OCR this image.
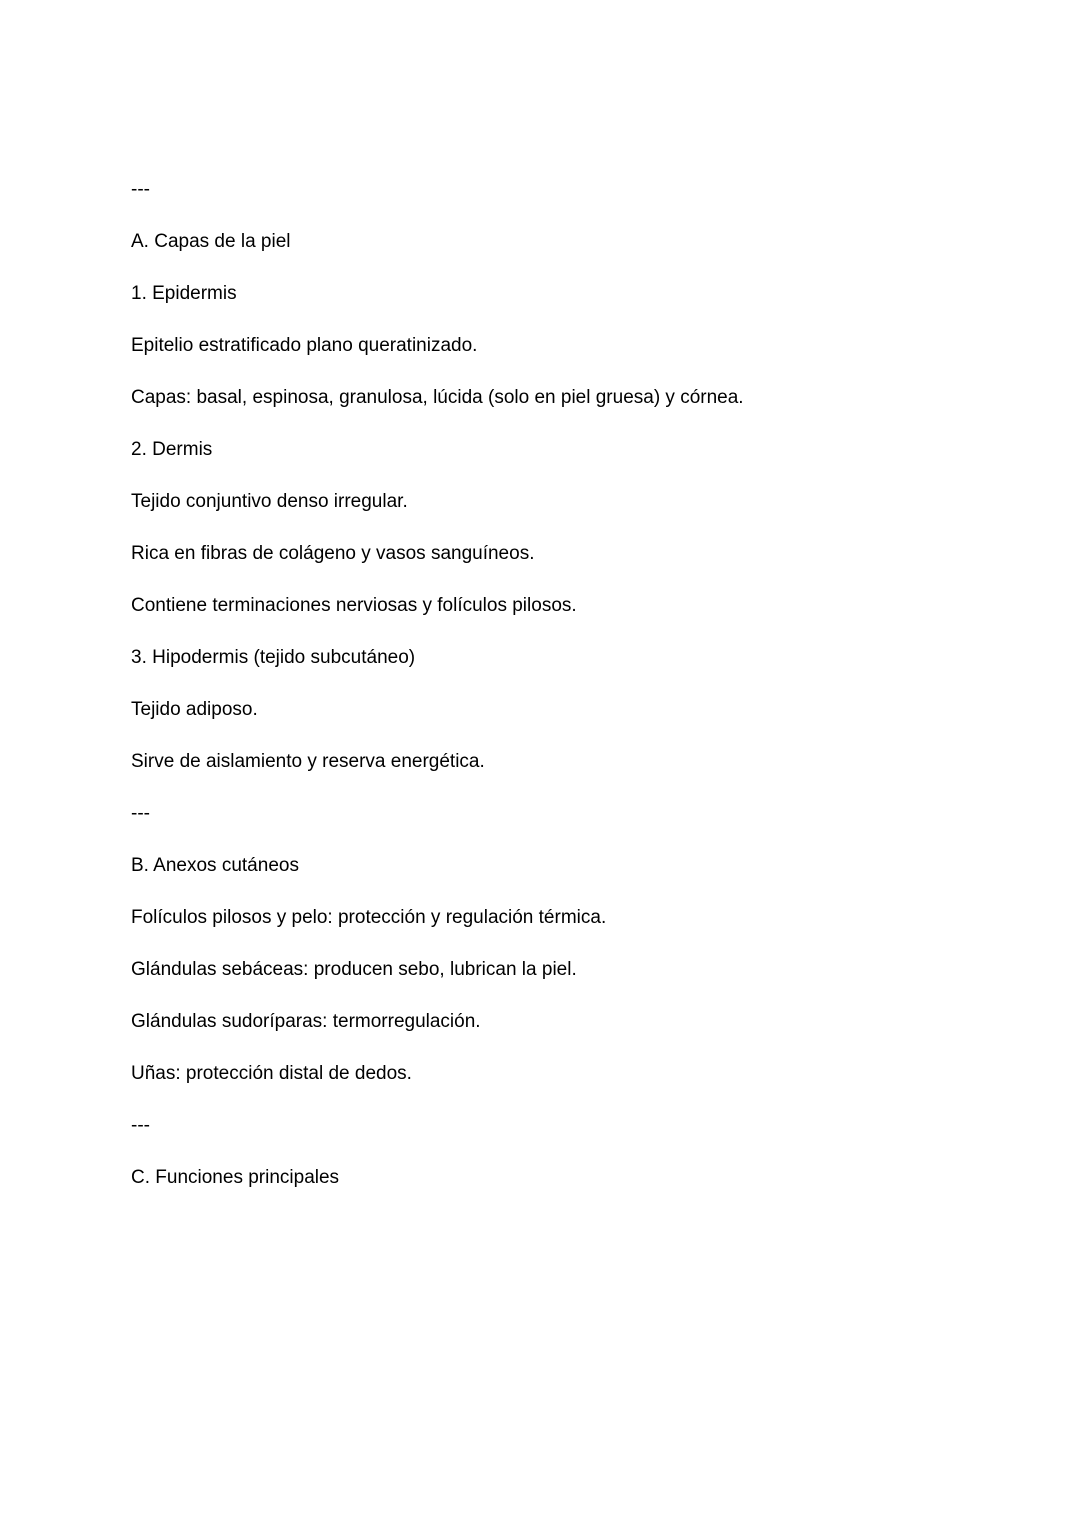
---

A. Capas de la piel

1. Epidermis

Epitelio estratificado plano queratinizado.

Capas: basal, espinosa, granulosa, lúcida (solo en piel gruesa) y córnea.

2. Dermis

Tejido conjuntivo denso irregular.

Rica en fibras de colágeno y vasos sanguíneos.

Contiene terminaciones nerviosas y folículos pilosos.

3. Hipodermis (tejido subcutáneo)

Tejido adiposo.

Sirve de aislamiento y reserva energética.

---

B. Anexos cutáneos

Folículos pilosos y pelo: protección y regulación térmica.

Glándulas sebáceas: producen sebo, lubrican la piel.

Glándulas sudoríparas: termorregulación.

Uñas: protección distal de dedos.

---

C. Funciones principales
